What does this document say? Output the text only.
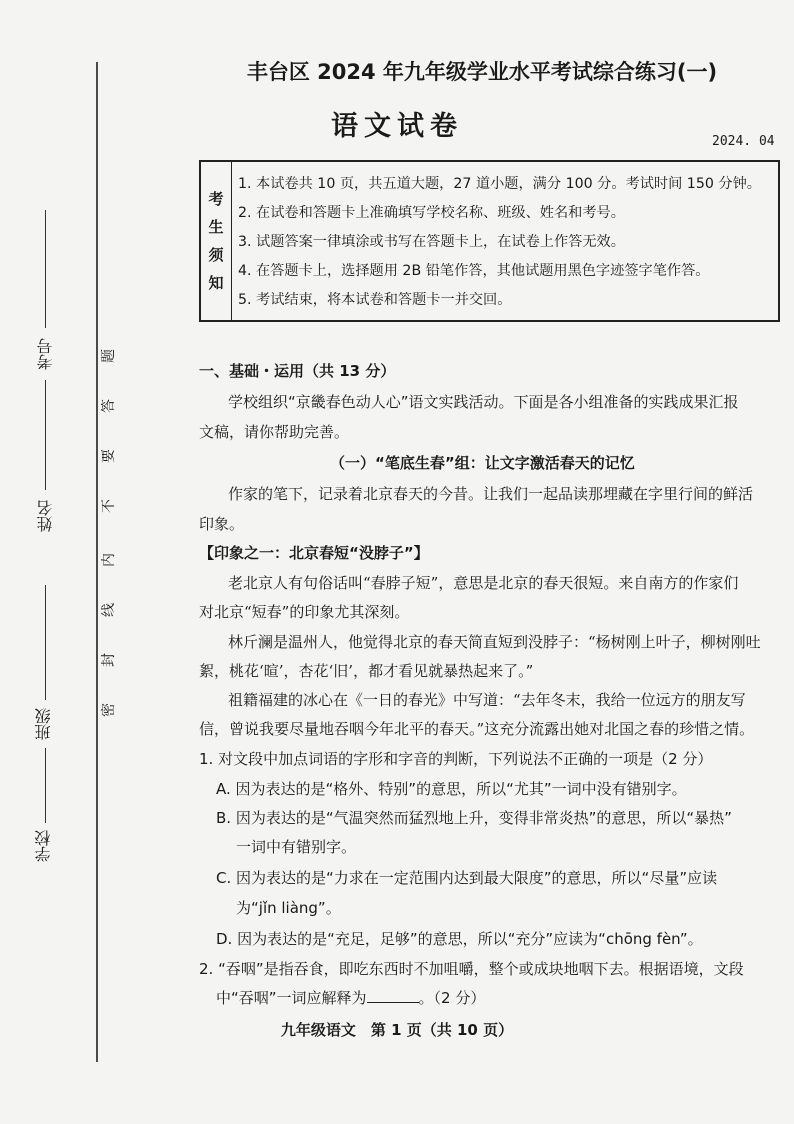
考号
姓名
班级
学校
题
答
要
不
内
线
封
密
丰台区 2024 年九年级学业水平考试综合练习(一)
语文试卷	2024. 04
考
生
须
知
1. 本试卷共 10 页，共五道大题，27 道小题，满分 100 分。考试时间 150 分钟。
2. 在试卷和答题卡上准确填写学校名称、班级、姓名和考号。
3. 试题答案一律填涂或书写在答题卡上，在试卷上作答无效。
4. 在答题卡上，选择题用 2B 铅笔作答，其他试题用黑色字迹签字笔作答。
5. 考试结束，将本试卷和答题卡一并交回。
一、基础・运用（共 13 分）
学校组织“京畿春色动人心”语文实践活动。下面是各小组准备的实践成果汇报
文稿，请你帮助完善。
（一）“笔底生春”组：让文字激活春天的记忆
作家的笔下，记录着北京春天的今昔。让我们一起品读那埋藏在字里行间的鲜活
印象。
【印象之一：北京春短“没脖子”】
老北京人有句俗话叫“春脖子短”，意思是北京的春天很短。来自南方的作家们
对北京“短春”的印象尤其深刻。
林斤澜是温州人，他觉得北京的春天简直短到没脖子：“杨树刚上叶子，柳树刚吐
絮，桃花‘暄’，杏花‘旧’，都才看见就暴热起来了。”
祖籍福建的冰心在《一日的春光》中写道：“去年冬末，我给一位远方的朋友写
信，曾说我要尽量地吞咽今年北平的春天。”这充分流露出她对北国之春的珍惜之情。
1. 对文段中加点词语的字形和字音的判断，下列说法不正确的一项是（2 分）
A. 因为表达的是“格外、特别”的意思，所以“尤其”一词中没有错别字。
B. 因为表达的是“气温突然而猛烈地上升，变得非常炎热”的意思，所以“暴热”
一词中有错别字。
C. 因为表达的是“力求在一定范围内达到最大限度”的意思，所以“尽量”应读
为“jǐn liàng”。
D. 因为表达的是“充足，足够”的意思，所以“充分”应读为“chōng fèn”。
2. “吞咽”是指吞食，即吃东西时不加咀嚼，整个或成块地咽下去。根据语境，文段
中“吞咽”一词应解释为	。（2 分）
九年级语文　第 1 页（共 10 页）
